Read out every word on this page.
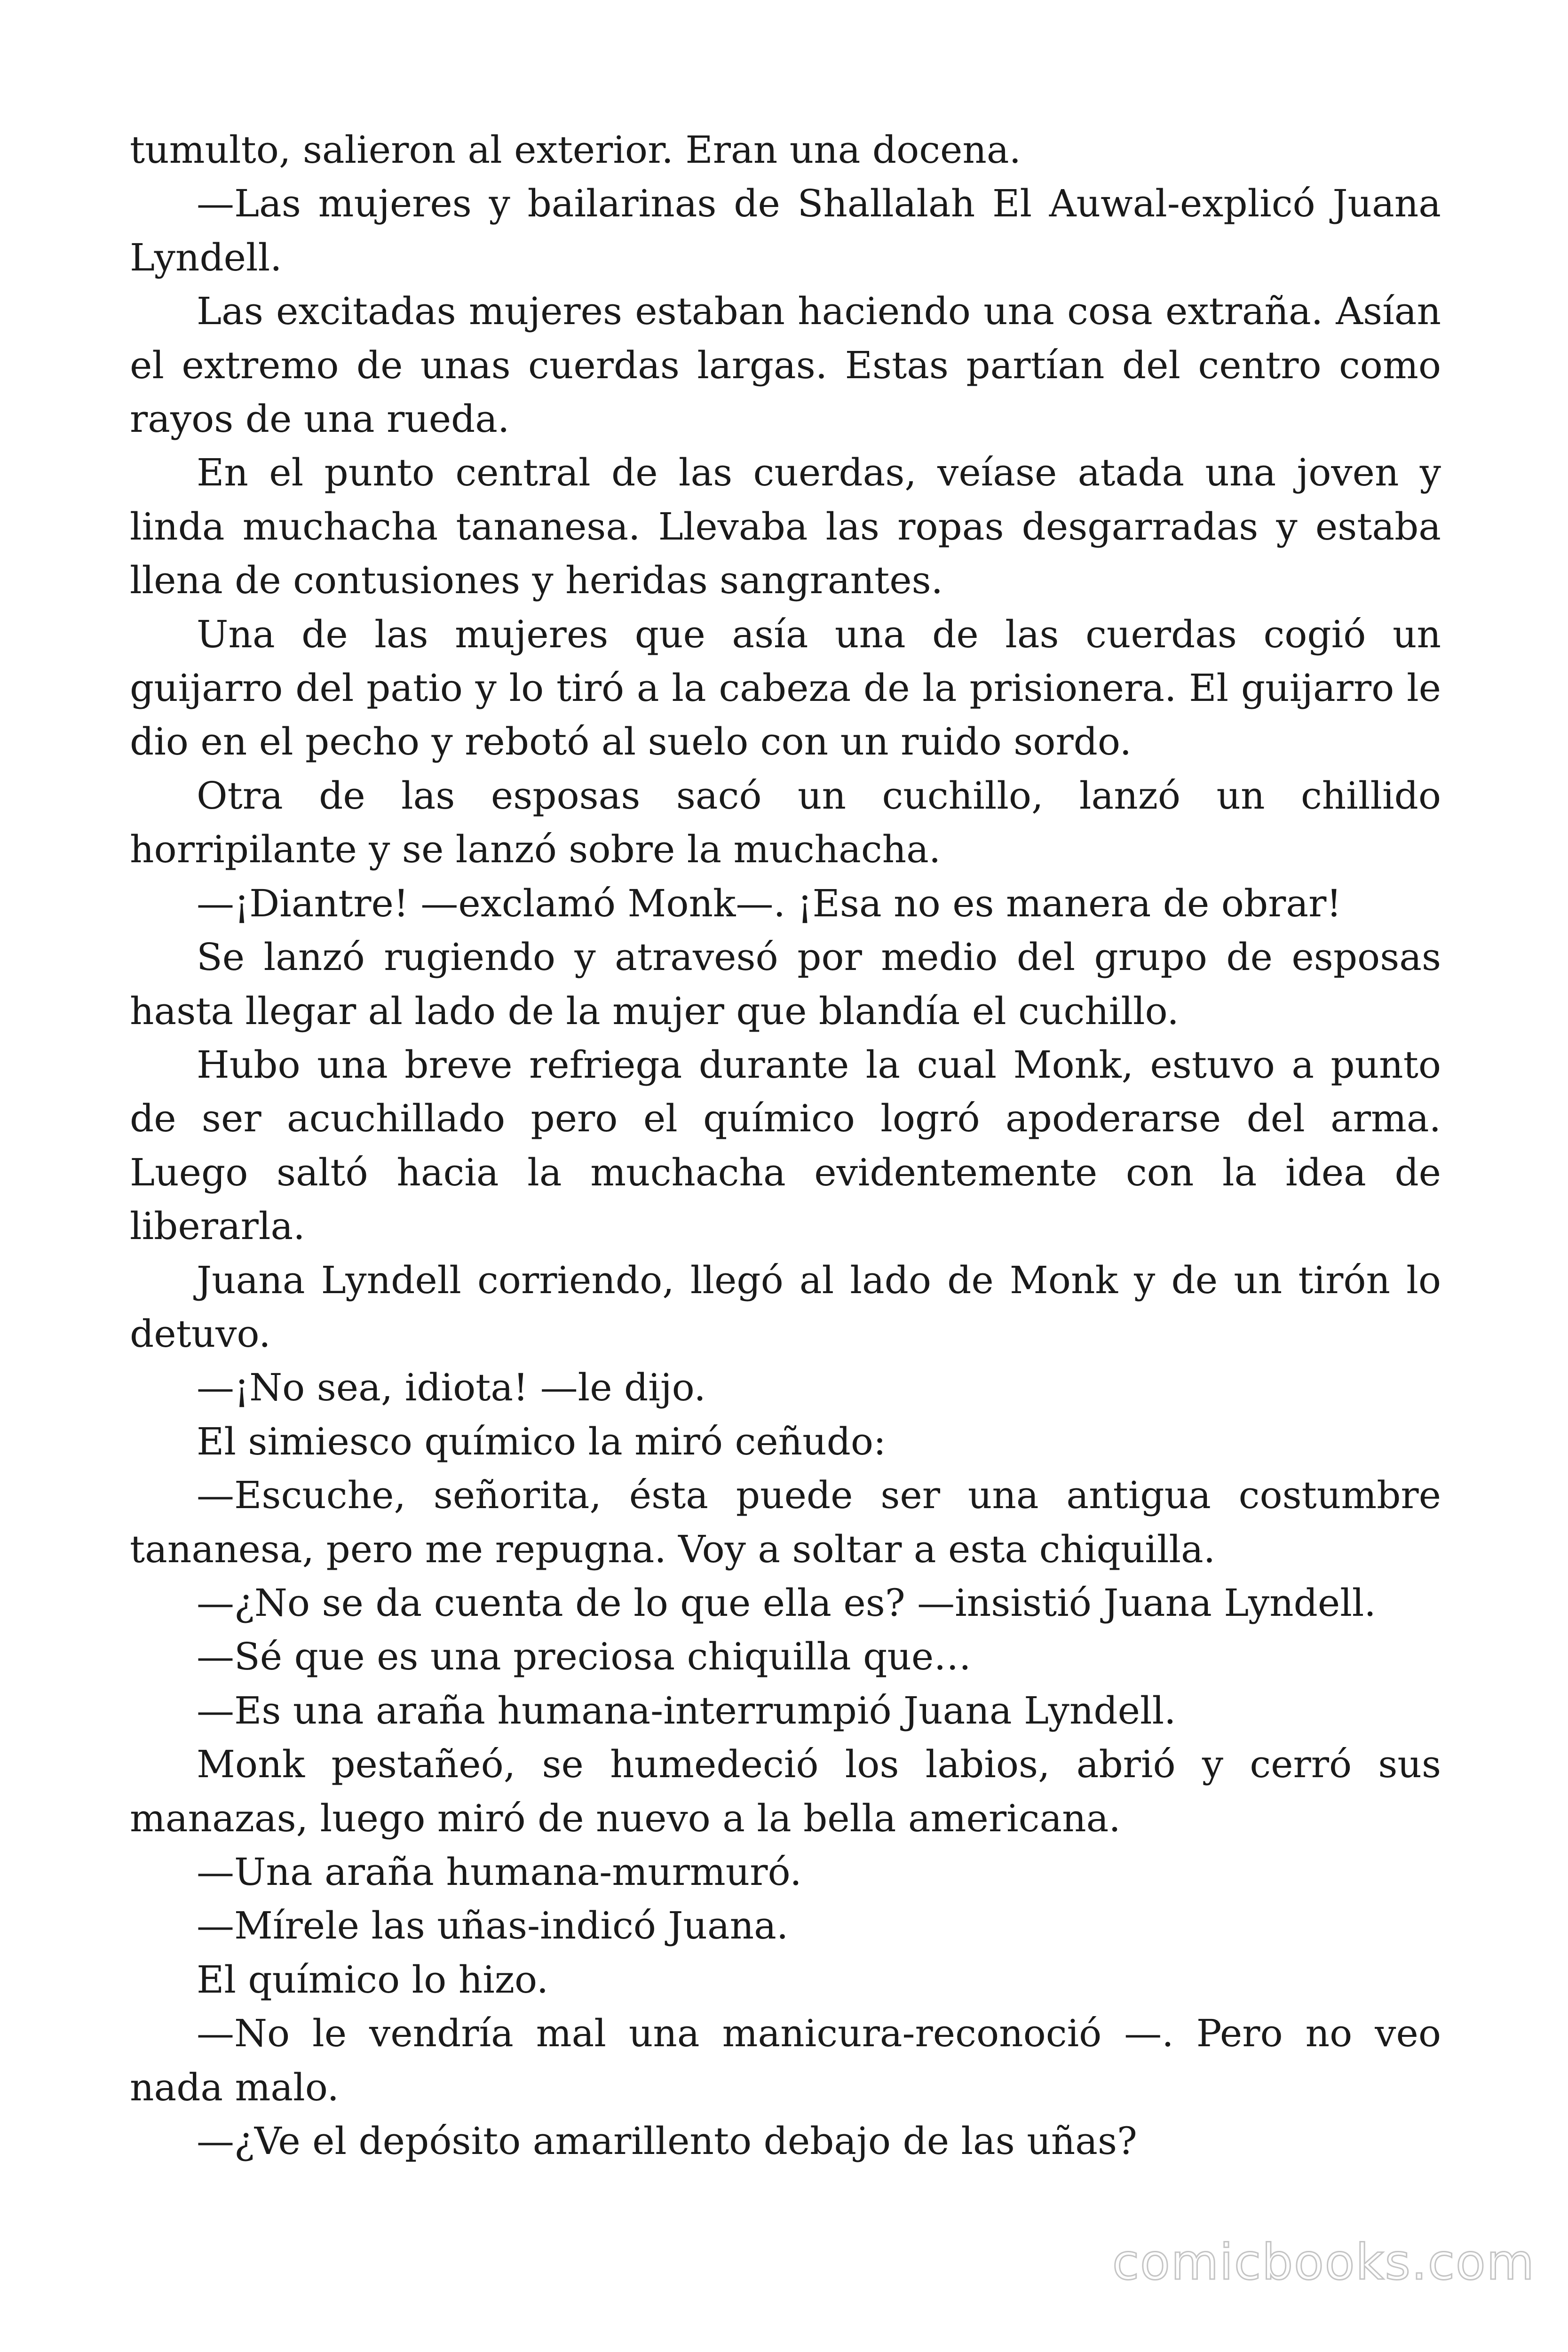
tumulto, salieron al exterior. Eran una docena.

—Las mujeres y bailarinas de Shallalah El Auwal-explicó Juana Lyndell.

Las excitadas mujeres estaban haciendo una cosa extraña. Asían el extremo de unas cuerdas largas. Estas partían del centro como rayos de una rueda.

En el punto central de las cuerdas, veíase atada una joven y linda muchacha tananesa. Llevaba las ropas desgarradas y estaba llena de contusiones y heridas sangrantes.

Una de las mujeres que asía una de las cuerdas cogió un guijarro del patio y lo tiró a la cabeza de la prisionera. El guijarro le dio en el pecho y rebotó al suelo con un ruido sordo.

Otra de las esposas sacó un cuchillo, lanzó un chillido horripilante y se lanzó sobre la muchacha.

—¡Diantre! —exclamó Monk—. ¡Esa no es manera de obrar!

Se lanzó rugiendo y atravesó por medio del grupo de esposas hasta llegar al lado de la mujer que blandía el cuchillo.

Hubo una breve refriega durante la cual Monk, estuvo a punto de ser acuchillado pero el químico logró apoderarse del arma. Luego saltó hacia la muchacha evidentemente con la idea de liberarla.

Juana Lyndell corriendo, llegó al lado de Monk y de un tirón lo detuvo.

—¡No sea, idiota! —le dijo.

El simiesco químico la miró ceñudo:

—Escuche, señorita, ésta puede ser una antigua costumbre tananesa, pero me repugna. Voy a soltar a esta chiquilla.

—¿No se da cuenta de lo que ella es? —insistió Juana Lyndell.

—Sé que es una preciosa chiquilla que…

—Es una araña humana-interrumpió Juana Lyndell.

Monk pestañeó, se humedeció los labios, abrió y cerró sus manazas, luego miró de nuevo a la bella americana.

—Una araña humana-murmuró.

—Mírele las uñas-indicó Juana.

El químico lo hizo.

—No le vendría mal una manicura-reconoció —. Pero no veo nada malo.

—¿Ve el depósito amarillento debajo de las uñas?

comicbooks.com
